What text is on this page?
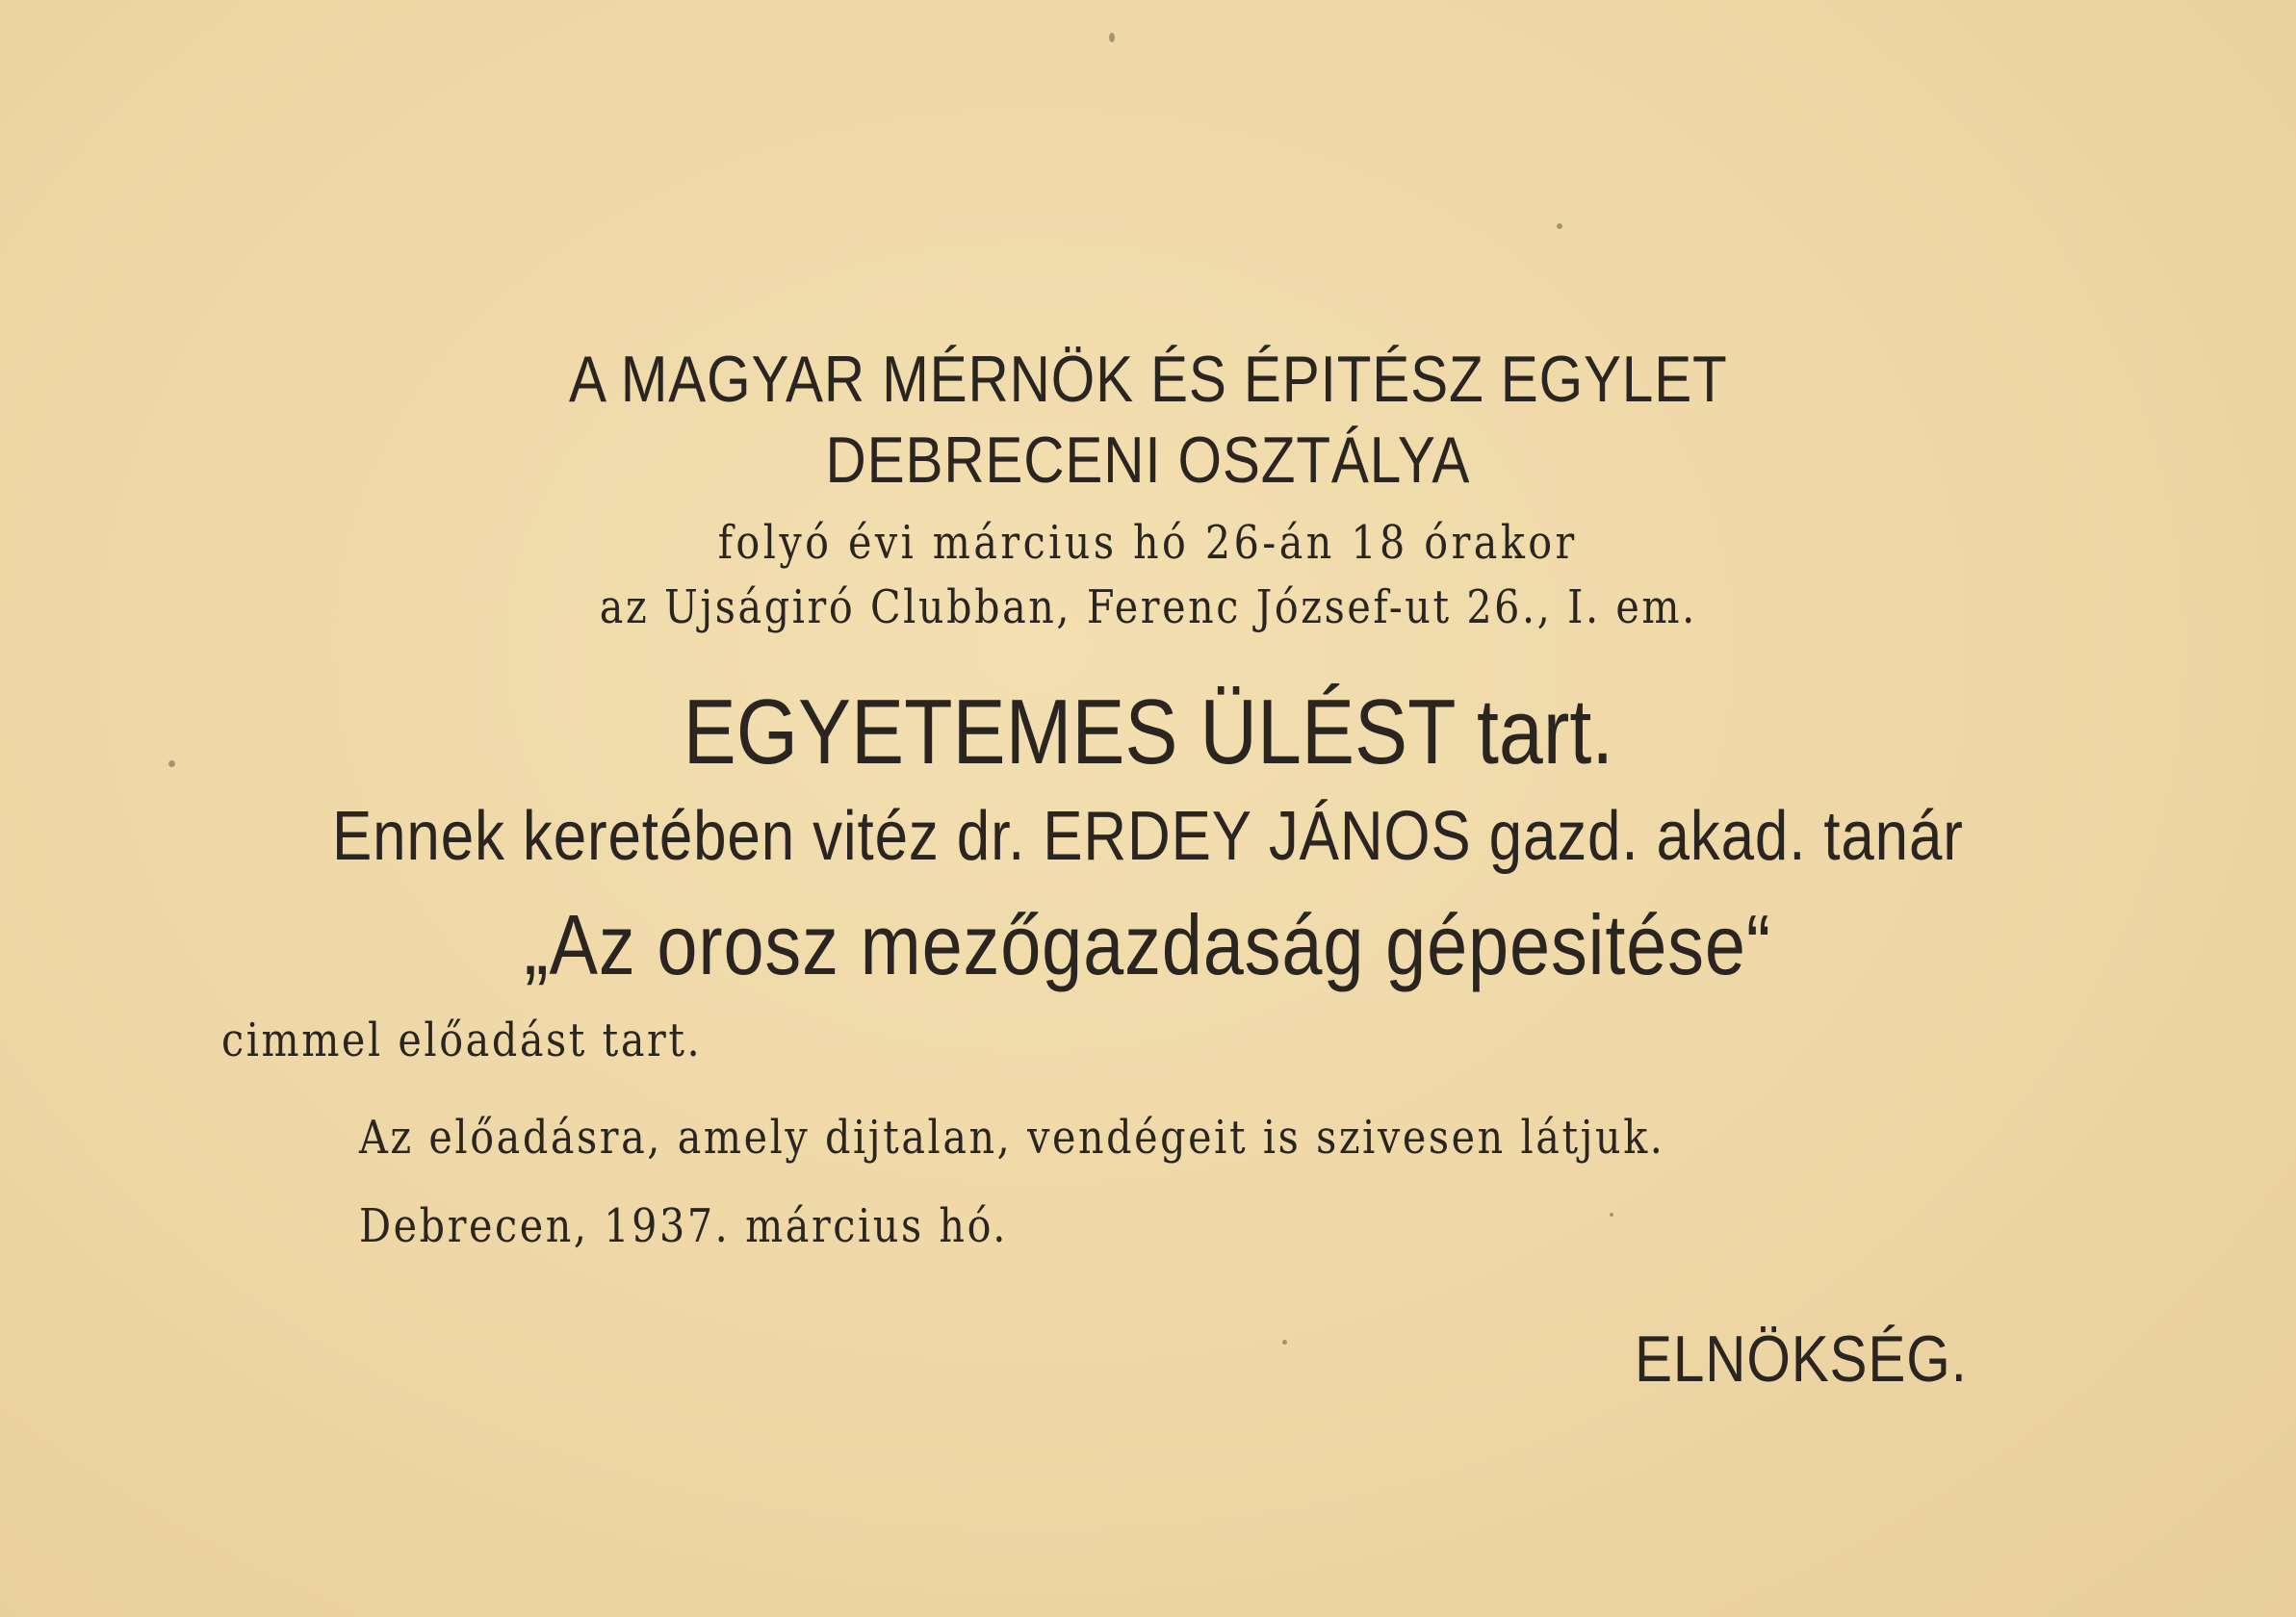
A MAGYAR MÉRNÖK ÉS ÉPITÉSZ EGYLET
DEBRECENI OSZTÁLYA
folyó évi március hó 26-án 18 órakor
az Ujságiró Clubban, Ferenc József-ut 26., I. em.
EGYETEMES ÜLÉST tart.
Ennek keretében vitéz dr. ERDEY JÁNOS gazd. akad. tanár
„Az orosz mezőgazdaság gépesitése“
cimmel előadást tart.
Az előadásra, amely dijtalan, vendégeit is szivesen látjuk.
Debrecen, 1937. március hó.
ELNÖKSÉG.
